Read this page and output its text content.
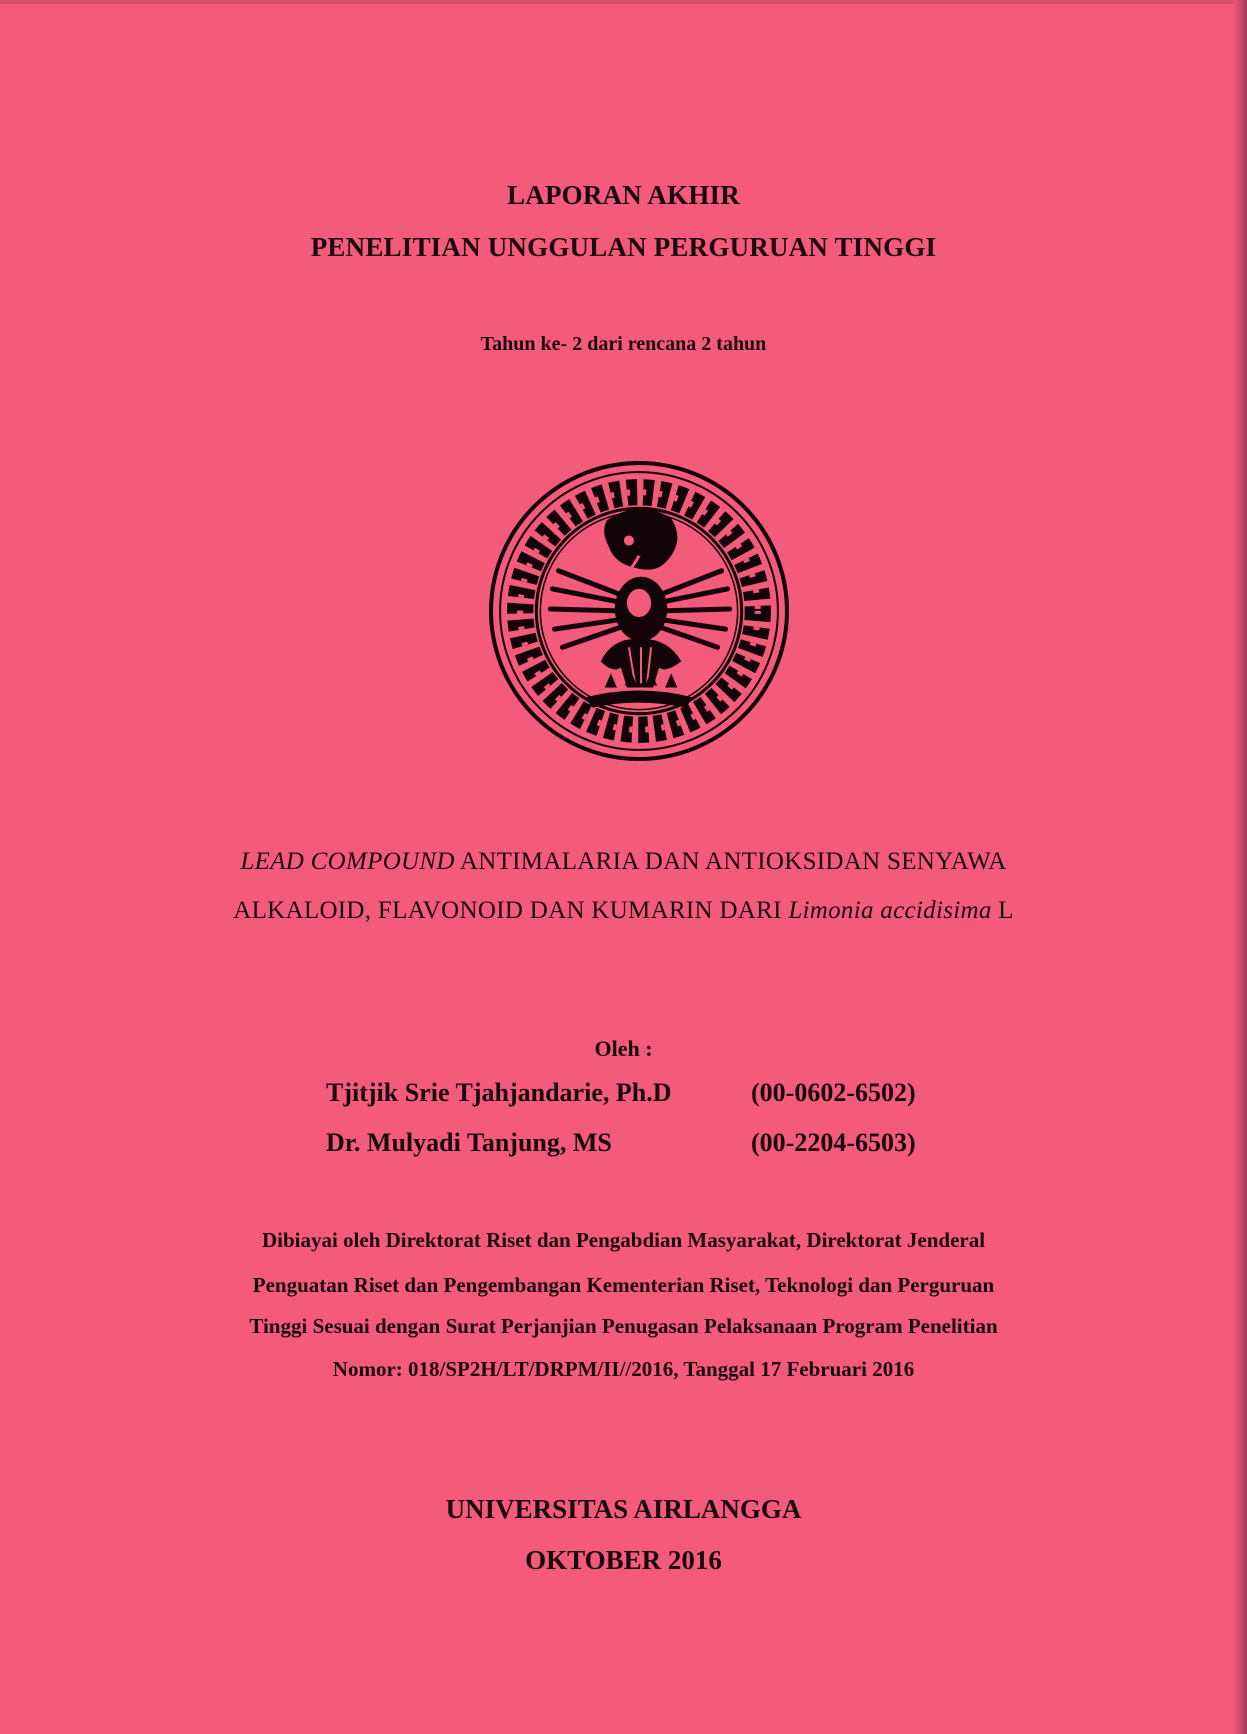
LAPORAN AKHIR
PENELITIAN UNGGULAN PERGURUAN TINGGI
Tahun ke- 2 dari rencana 2 tahun
LEAD COMPOUND ANTIMALARIA DAN ANTIOKSIDAN SENYAWA
ALKALOID, FLAVONOID DAN KUMARIN DARI Limonia accidisima L
Oleh :
Tjitjik Srie Tjahjandarie, Ph.D	(00-0602-6502)
Dr. Mulyadi Tanjung, MS	(00-2204-6503)
Dibiayai oleh Direktorat Riset dan Pengabdian Masyarakat, Direktorat Jenderal
Penguatan Riset dan Pengembangan Kementerian Riset, Teknologi dan Perguruan
Tinggi Sesuai dengan Surat Perjanjian Penugasan Pelaksanaan Program Penelitian
Nomor: 018/SP2H/LT/DRPM/II//2016, Tanggal 17 Februari 2016
UNIVERSITAS AIRLANGGA
OKTOBER 2016
